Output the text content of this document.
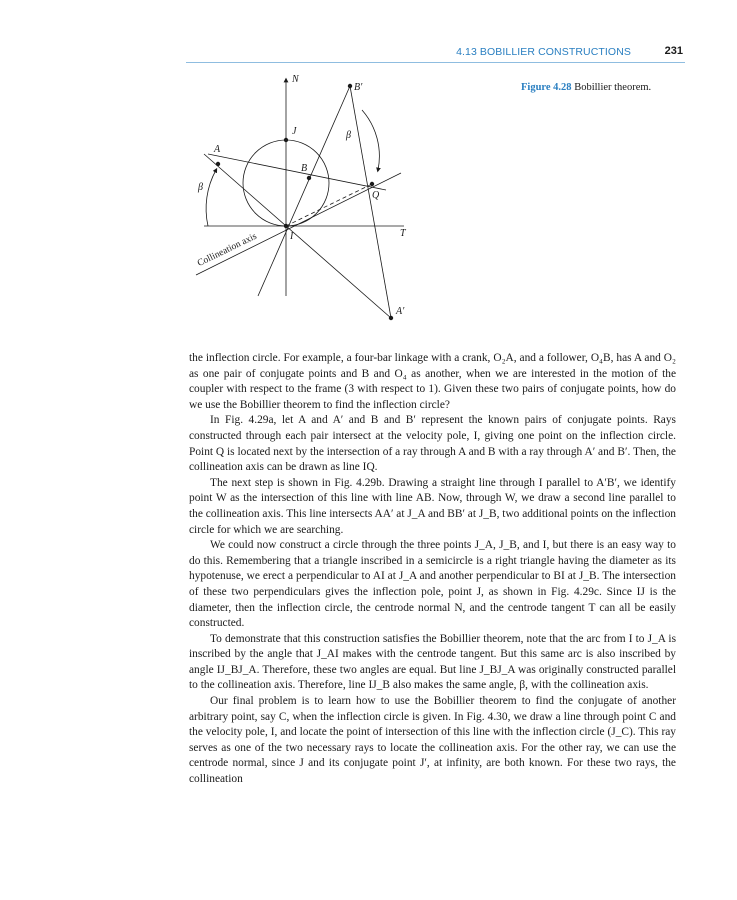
4.13 BOBILLIER CONSTRUCTIONS	231
N
B′
J	β
A
B
β
Q
T
I
A′
Collineation axis
Figure 4.28 Bobillier theorem.

the inflection circle. For example, a four-bar linkage with a crank, O₂A, and a follower, O₄B, has A and O₂ as one pair of conjugate points and B and O₄ as another, when we are interested in the motion of the coupler with respect to the frame (3 with respect to 1). Given these two pairs of conjugate points, how do we use the Bobillier theorem to find the inflection circle?

In Fig. 4.29a, let A and A′ and B and B′ represent the known pairs of conjugate points. Rays constructed through each pair intersect at the velocity pole, I, giving one point on the inflection circle. Point Q is located next by the intersection of a ray through A and B with a ray through A′ and B′. Then, the collineation axis can be drawn as line IQ.

The next step is shown in Fig. 4.29b. Drawing a straight line through I parallel to A′B′, we identify point W as the intersection of this line with line AB. Now, through W, we draw a second line parallel to the collineation axis. This line intersects AA′ at J_A and BB′ at J_B, two additional points on the inflection circle for which we are searching.

We could now construct a circle through the three points J_A, J_B, and I, but there is an easy way to do this. Remembering that a triangle inscribed in a semicircle is a right triangle having the diameter as its hypotenuse, we erect a perpendicular to AI at J_A and another perpendicular to BI at J_B. The intersection of these two perpendiculars gives the inflection pole, point J, as shown in Fig. 4.29c. Since IJ is the diameter, then the inflection circle, the centrode normal N, and the centrode tangent T can all be easily constructed.

To demonstrate that this construction satisfies the Bobillier theorem, note that the arc from I to J_A is inscribed by the angle that J_AI makes with the centrode tangent. But this same arc is also inscribed by angle IJ_BJ_A. Therefore, these two angles are equal. But line J_BJ_A was originally constructed parallel to the collineation axis. Therefore, line IJ_B also makes the same angle, β, with the collineation axis.

Our final problem is to learn how to use the Bobillier theorem to find the conjugate of another arbitrary point, say C, when the inflection circle is given. In Fig. 4.30, we draw a line through point C and the velocity pole, I, and locate the point of intersection of this line with the inflection circle (J_C). This ray serves as one of the two necessary rays to locate the collineation axis. For the other ray, we can use the centrode normal, since J and its conjugate point J′, at infinity, are both known. For these two rays, the collineation
